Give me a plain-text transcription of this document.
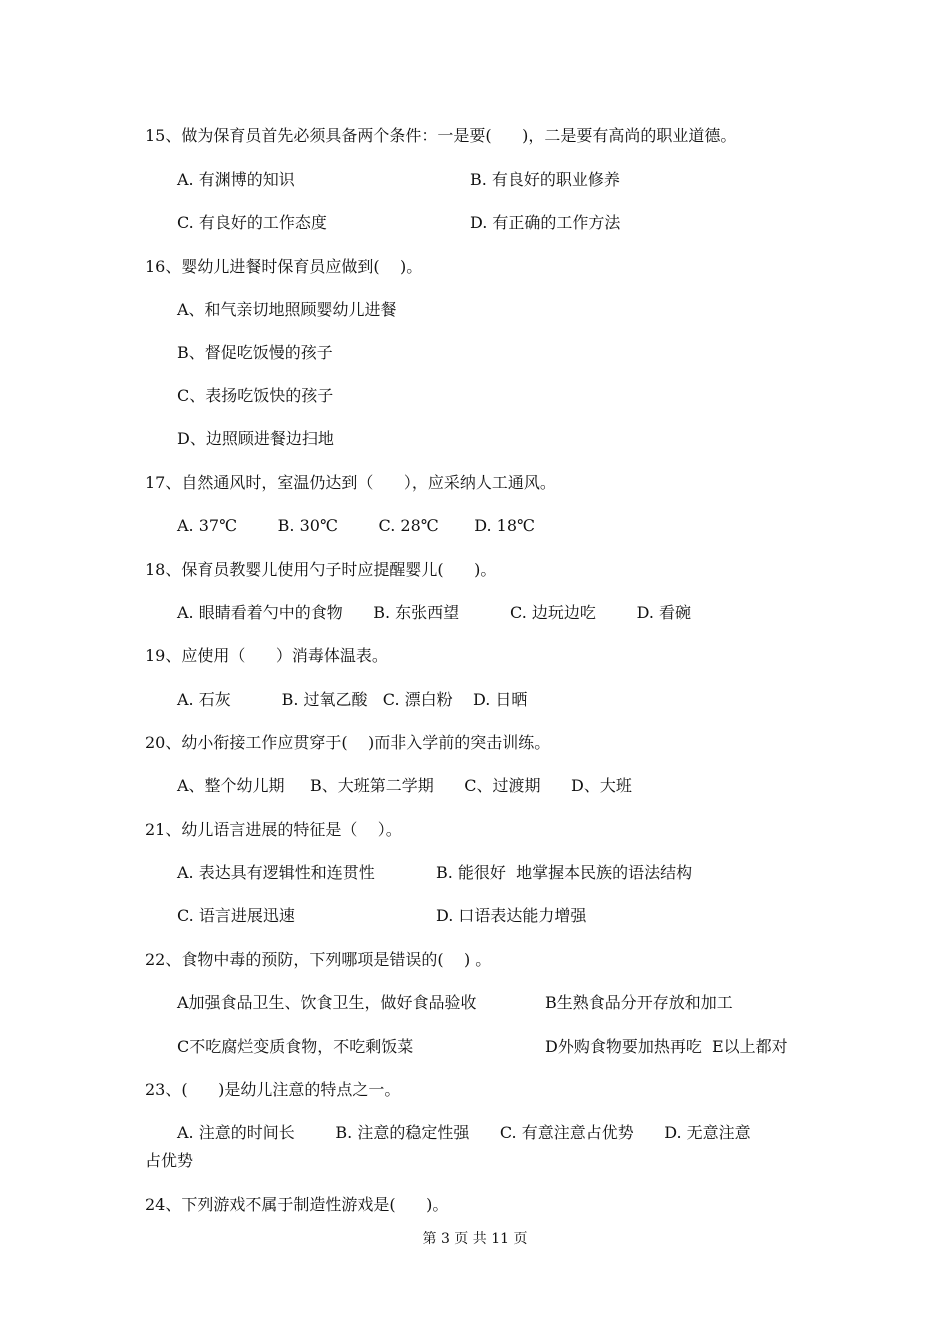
15、做为保育员首先必须具备两个条件：一是要(      )，二是要有高尚的职业道德。
A. 有渊博的知识	B. 有良好的职业修养
C. 有良好的工作态度	D. 有正确的工作方法
16、婴幼儿进餐时保育员应做到(    )。
A、和气亲切地照顾婴幼儿进餐
B、督促吃饭慢的孩子
C、表扬吃饭快的孩子
D、边照顾进餐边扫地
17、自然通风时，室温仍达到（      ），应采纳人工通风。
A. 37℃        B. 30℃        C. 28℃       D. 18℃
18、保育员教婴儿使用勺子时应提醒婴儿(      )。
A. 眼睛看着勺中的食物      B. 东张西望          C. 边玩边吃        D. 看碗
19、应使用（      ）消毒体温表。
A. 石灰          B. 过氧乙酸   C. 漂白粉    D. 日晒
20、幼小衔接工作应贯穿于(    )而非入学前的突击训练。
A、整个幼儿期     B、大班第二学期      C、过渡期      D、大班
21、幼儿语言进展的特征是（    ）。
A. 表达具有逻辑性和连贯性	B. 能很好  地掌握本民族的语法结构
C. 语言进展迅速	D. 口语表达能力增强
22、食物中毒的预防，下列哪项是错误的(    ) 。
A加强食品卫生、饮食卫生，做好食品验收	B生熟食品分开存放和加工
C不吃腐烂变质食物，不吃剩饭菜	D外购食物要加热再吃  E以上都对
23、(      )是幼儿注意的特点之一。
A. 注意的时间长        B. 注意的稳定性强      C. 有意注意占优势      D. 无意注意
占优势
24、下列游戏不属于制造性游戏是(      )。
第 3 页 共 11 页
